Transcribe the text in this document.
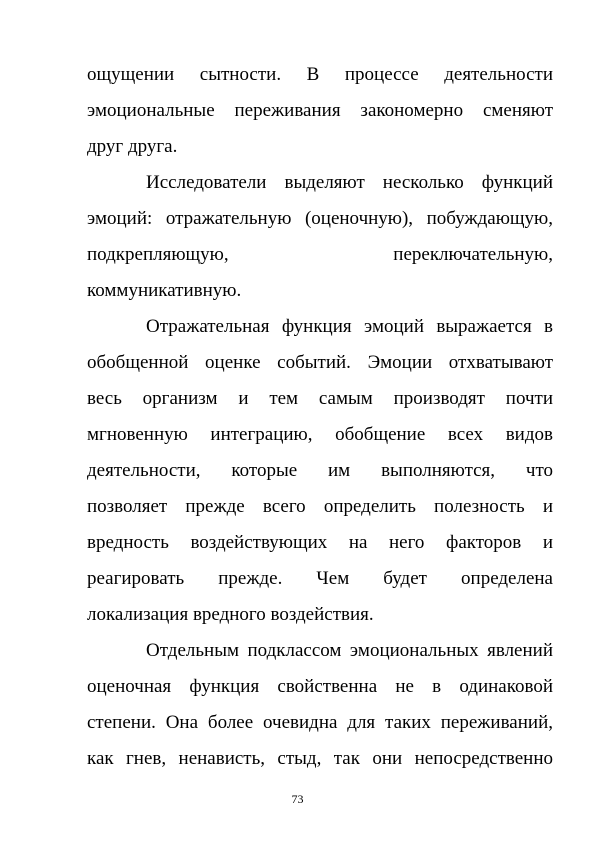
ощущении сытности. В процессе деятельности
эмоциональные переживания закономерно сменяют
друг друга.
Исследователи выделяют несколько функций
эмоций: отражательную (оценочную), побуждающую,
подкрепляющую, переключательную,
коммуникативную.
Отражательная функция эмоций выражается в
обобщенной оценке событий. Эмоции отхватывают
весь организм и тем самым производят почти
мгновенную интеграцию, обобщение всех видов
деятельности, которые им выполняются, что
позволяет прежде всего определить полезность и
вредность воздействующих на него факторов и
реагировать прежде. Чем будет определена
локализация вредного воздействия.
Отдельным подклассом эмоциональных явлений
оценочная функция свойственна не в одинаковой
степени. Она более очевидна для таких переживаний,
как гнев, ненависть, стыд, так они непосредственно
73
